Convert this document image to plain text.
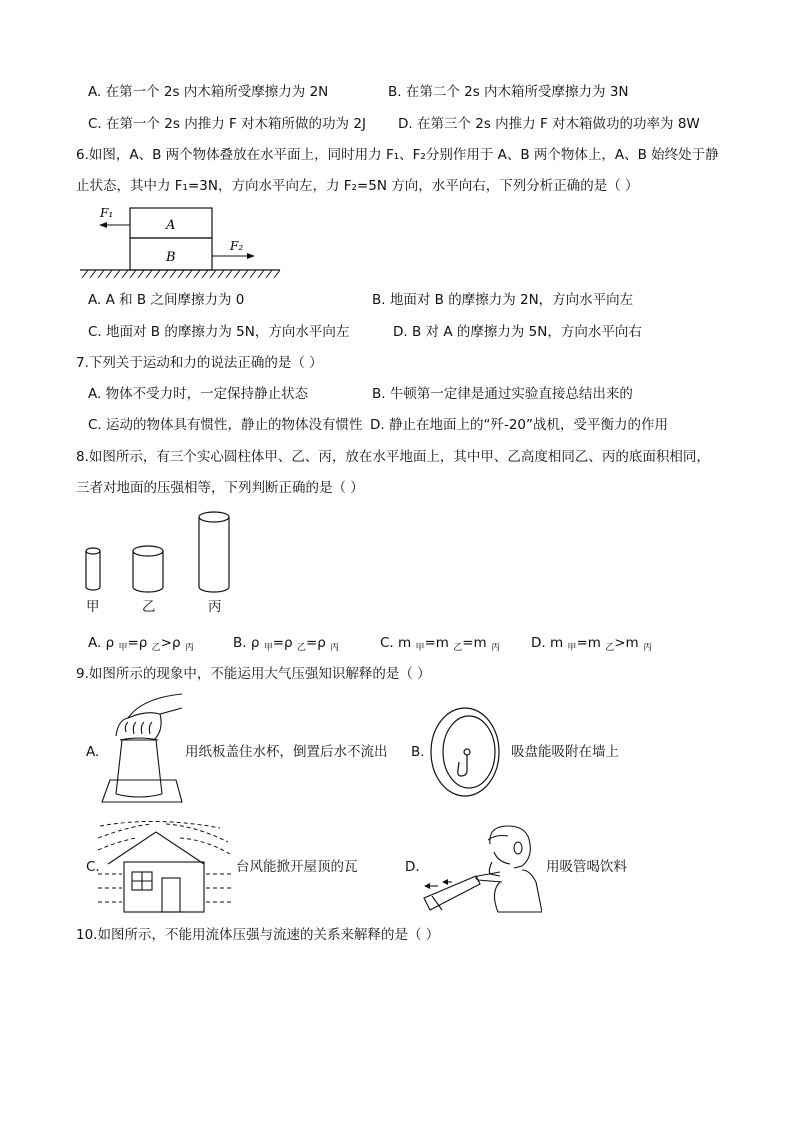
A. 在第一个 2s 内木箱所受摩擦力为 2N	B. 在第二个 2s 内木箱所受摩擦力为 3N
C. 在第一个 2s 内推力 F 对木箱所做的功为 2J D. 在第三个 2s 内推力 F 对木箱做功的功率为 8W
6.如图，A、B 两个物体叠放在水平面上，同时用力 F₁、F₂分别作用于 A、B 两个物体上，A、B 始终处于静
止状态，其中力 F₁=3N，方向水平向左，力 F₂=5N 方向，水平向右，下列分析正确的是（ ）
F₁
F₂
A
B
A. A 和 B 之间摩擦力为 0	B. 地面对 B 的摩擦力为 2N，方向水平向左
C. 地面对 B 的摩擦力为 5N，方向水平向左	D. B 对 A 的摩擦力为 5N，方向水平向右
7.下列关于运动和力的说法正确的是（ ）
A. 物体不受力时，一定保持静止状态	B. 牛顿第一定律是通过实验直接总结出来的
C. 运动的物体具有惯性，静止的物体没有惯性 D. 静止在地面上的“歼-20”战机，受平衡力的作用
8.如图所示，有三个实心圆柱体甲、乙、丙，放在水平地面上，其中甲、乙高度相同乙、丙的底面积相同，
三者对地面的压强相等，下列判断正确的是（ ）
甲	乙	丙
A. ρ $_甲$=ρ $_乙$>ρ $_丙$	B. ρ $_甲$=ρ $_乙$=ρ $_丙$	C. m $_甲$=m $_乙$=m $_丙$ D. m $_甲$=m $_乙$>m $_丙$
9.如图所示的现象中，不能运用大气压强知识解释的是（ ）
A.	用纸板盖住水杯，倒置后水不流出 B.	吸盘能吸附在墙上
C.	台风能掀开屋顶的瓦	D.	用吸管喝饮料
10.如图所示，不能用流体压强与流速的关系来解释的是（ ）
